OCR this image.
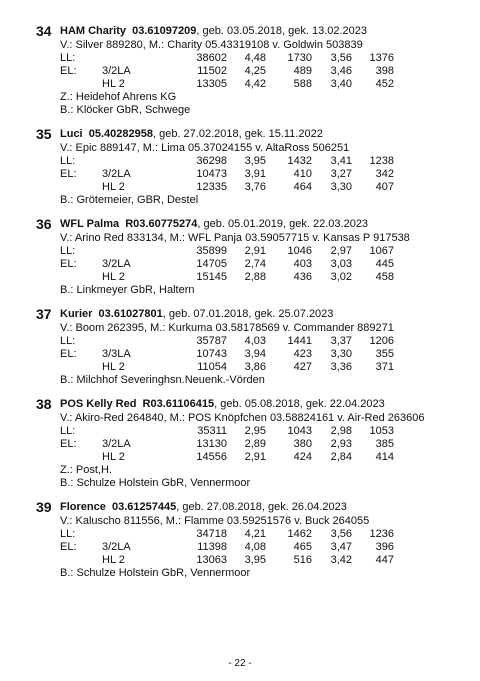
34 HAM Charity 03.61097209, geb. 03.05.2018, gek. 13.02.2023
V.: Silver 889280, M.: Charity 05.43319108 v. Goldwin 503839
LL:	38602	4,48	1730	3,56	1376
EL: 3/2LA	11502	4,25	489	3,46	398
HL 2	13305	4,42	588	3,40	452
Z.: Heidehof Ahrens KG
B.: Klöcker GbR, Schwege
35 Luci 05.40282958, geb. 27.02.2018, gek. 15.11.2022
V.: Epic 889147, M.: Lima 05.37024155 v. AltaRoss 506251
LL:	36298	3,95	1432	3,41	1238
EL: 3/2LA	10473	3,91	410	3,27	342
HL 2	12335	3,76	464	3,30	407
B.: Grötemeier, GBR, Destel
36 WFL Palma R03.60775274, geb. 05.01.2019, gek. 22.03.2023
V.: Arino Red 833134, M.: WFL Panja 03.59057715 v. Kansas P 917538
LL:	35899	2,91	1046	2,97	1067
EL: 3/2LA	14705	2,74	403	3,03	445
HL 2	15145	2,88	436	3,02	458
B.: Linkmeyer GbR, Haltern
37 Kurier 03.61027801, geb. 07.01.2018, gek. 25.07.2023
V.: Boom 262395, M.: Kurkuma 03.58178569 v. Commander 889271
LL:	35787	4,03	1441	3,37	1206
EL: 3/3LA	10743	3,94	423	3,30	355
HL 2	11054	3,86	427	3,36	371
B.: Milchhof Severinghsn.Neuenk.-Vörden
38 POS Kelly Red R03.61106415, geb. 05.08.2018, gek. 22.04.2023
V.: Akiro-Red 264840, M.: POS Knöpfchen 03.58824161 v. Air-Red 263606
LL:	35311	2,95	1043	2,98	1053
EL: 3/2LA	13130	2,89	380	2,93	385
HL 2	14556	2,91	424	2,84	414
Z.: Post,H.
B.: Schulze Holstein GbR, Vennermoor
39 Florence 03.61257445, geb. 27.08.2018, gek. 26.04.2023
V.: Kaluscho 811556, M.: Flamme 03.59251576 v. Buck 264055
LL:	34718	4,21	1462	3,56	1236
EL: 3/2LA	11398	4,08	465	3,47	396
HL 2	13063	3,95	516	3,42	447
B.: Schulze Holstein GbR, Vennermoor
- 22 -
